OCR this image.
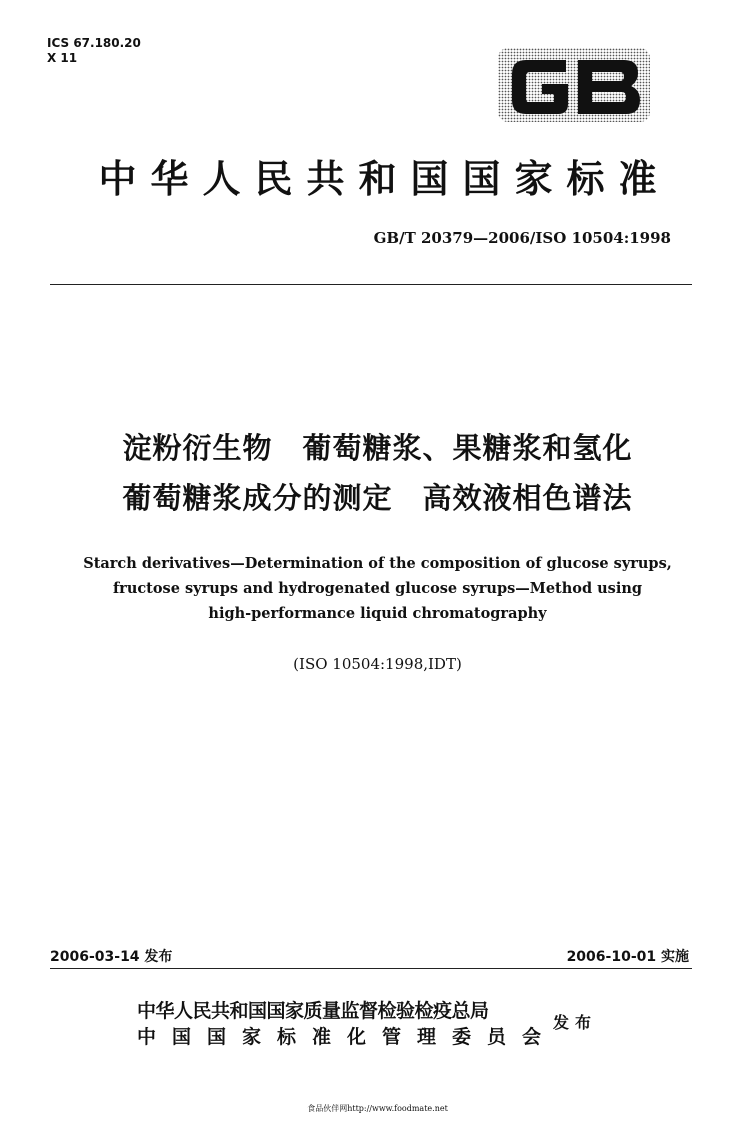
ICS 67.180.20
X 11
中华人民共和国国家标准
GB/T 20379—2006/ISO 10504:1998
淀粉衍生物　葡萄糖浆、果糖浆和氢化
葡萄糖浆成分的测定　高效液相色谱法
Starch derivatives—Determination of the composition of glucose syrups,
fructose syrups and hydrogenated glucose syrups—Method using
high-performance liquid chromatography
(ISO 10504:1998,IDT)
2006-03-14 发布	2006-10-01 实施
中华人民共和国国家质量监督检验检疫总局
中国国家标准化管理委员会
发布
食品伙伴网http://www.foodmate.net
